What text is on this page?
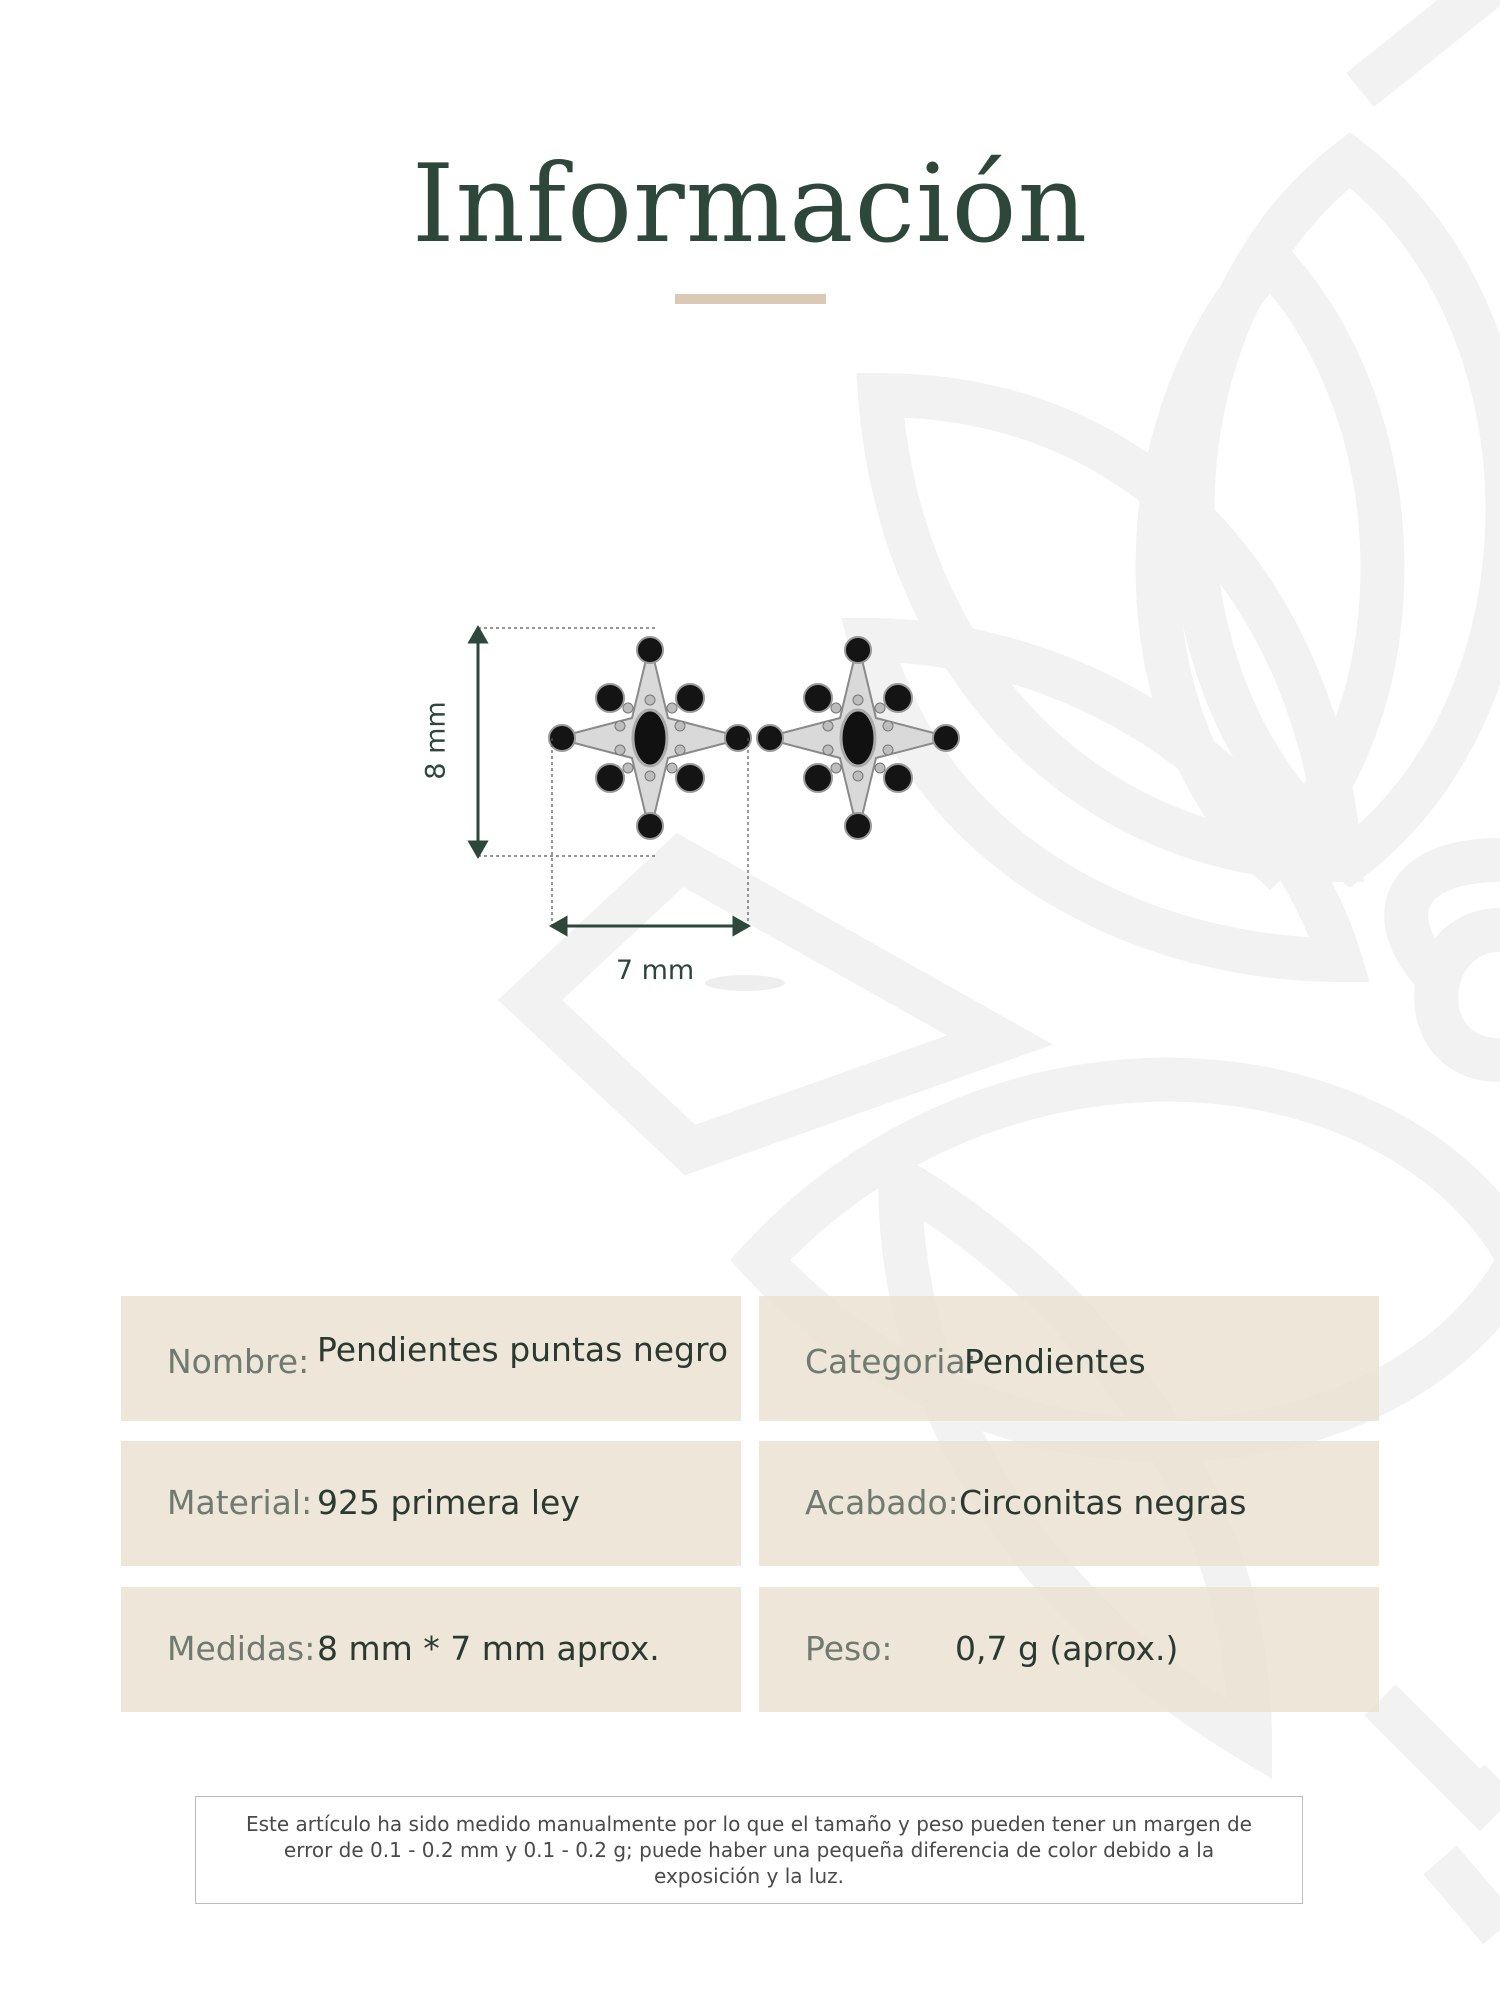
Información
8 mm
7 mm
Nombre: Pendientes puntas negro Categoria:
Pendientes
Material: 925 primera ley	Acabado: Circonitas negras
Medidas: 8 mm * 7 mm aprox.	Peso: 0,7 g (aprox.)
Este artículo ha sido medido manualmente por lo que el tamaño y peso pueden tener un margen de error de 0.1 - 0.2 mm y 0.1 - 0.2 g; puede haber una pequeña diferencia de color debido a la exposición y la luz.
